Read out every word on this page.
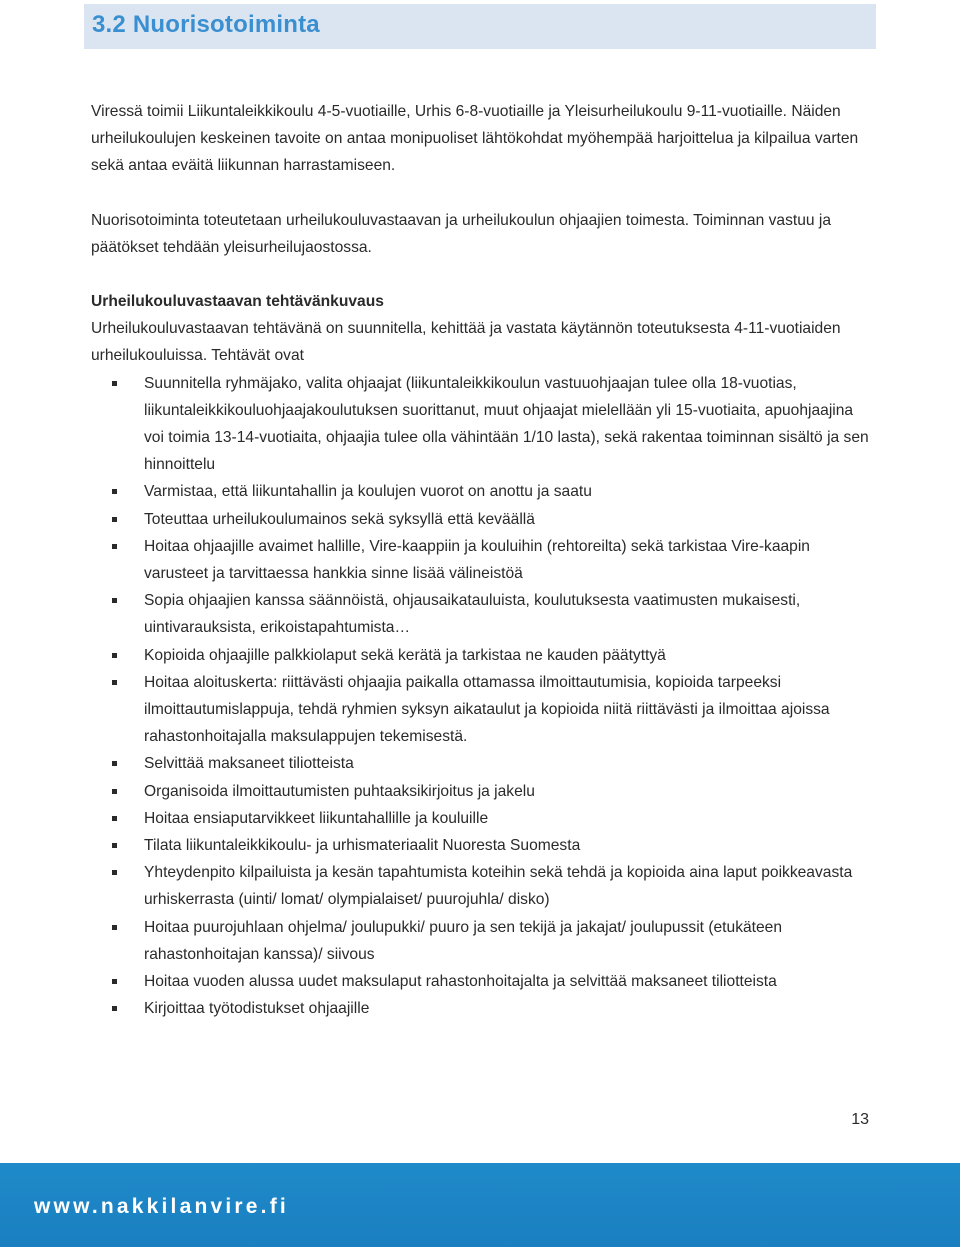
3.2 Nuorisotoiminta

Viressä toimii Liikuntaleikkikoulu 4-5-vuotiaille, Urhis 6-8-vuotiaille ja Yleisurheilukoulu 9-11-vuotiaille. Näiden urheilukoulujen keskeinen tavoite on antaa monipuoliset lähtökohdat myöhempää harjoittelua ja kilpailua varten sekä antaa eväitä liikunnan harrastamiseen.

Nuorisotoiminta toteutetaan urheilukouluvastaavan ja urheilukoulun ohjaajien toimesta. Toiminnan vastuu ja päätökset tehdään yleisurheilujaostossa.

Urheilukouluvastaavan tehtävänkuvaus

Urheilukouluvastaavan tehtävänä on suunnitella, kehittää ja vastata käytännön toteutuksesta 4-11-vuotiaiden urheilukouluissa. Tehtävät ovat

Suunnitella ryhmäjako, valita ohjaajat (liikuntaleikkikoulun vastuuohjaajan tulee olla 18-vuotias, liikuntaleikkikouluohjaajakoulutuksen suorittanut, muut ohjaajat mielellään yli 15-vuotiaita, apuohjaajina voi toimia 13-14-vuotiaita, ohjaajia tulee olla vähintään 1/10 lasta), sekä rakentaa toiminnan sisältö ja sen hinnoittelu
Varmistaa, että liikuntahallin ja koulujen vuorot on anottu ja saatu
Toteuttaa urheilukoulumainos sekä syksyllä että keväällä
Hoitaa ohjaajille avaimet hallille, Vire-kaappiin ja kouluihin (rehtoreilta) sekä tarkistaa Vire-kaapin varusteet ja tarvittaessa hankkia sinne lisää välineistöä
Sopia ohjaajien kanssa säännöistä, ohjausaikatauluista, koulutuksesta vaatimusten mukaisesti, uintivarauksista, erikoistapahtumista…
Kopioida ohjaajille palkkiolaput sekä kerätä ja tarkistaa ne kauden päätyttyä
Hoitaa aloituskerta: riittävästi ohjaajia paikalla ottamassa ilmoittautumisia, kopioida tarpeeksi ilmoittautumislappuja, tehdä ryhmien syksyn aikataulut ja kopioida niitä riittävästi ja ilmoittaa ajoissa rahastonhoitajalla maksulappujen tekemisestä.
Selvittää maksaneet tiliotteista
Organisoida ilmoittautumisten puhtaaksikirjoitus ja jakelu
Hoitaa ensiaputarvikkeet liikuntahallille ja kouluille
Tilata liikuntaleikkikoulu- ja urhismateriaalit Nuoresta Suomesta
Yhteydenpito kilpailuista ja kesän tapahtumista koteihin sekä tehdä ja kopioida aina laput poikkeavasta urhiskerrasta (uinti/ lomat/ olympialaiset/ puurojuhla/ disko)
Hoitaa puurojuhlaan ohjelma/ joulupukki/ puuro ja sen tekijä ja jakajat/ joulupussit (etukäteen rahastonhoitajan kanssa)/ siivous
Hoitaa vuoden alussa uudet maksulaput rahastonhoitajalta ja selvittää maksaneet tiliotteista
Kirjoittaa työtodistukset ohjaajille
13
www.nakkilanvire.fi
